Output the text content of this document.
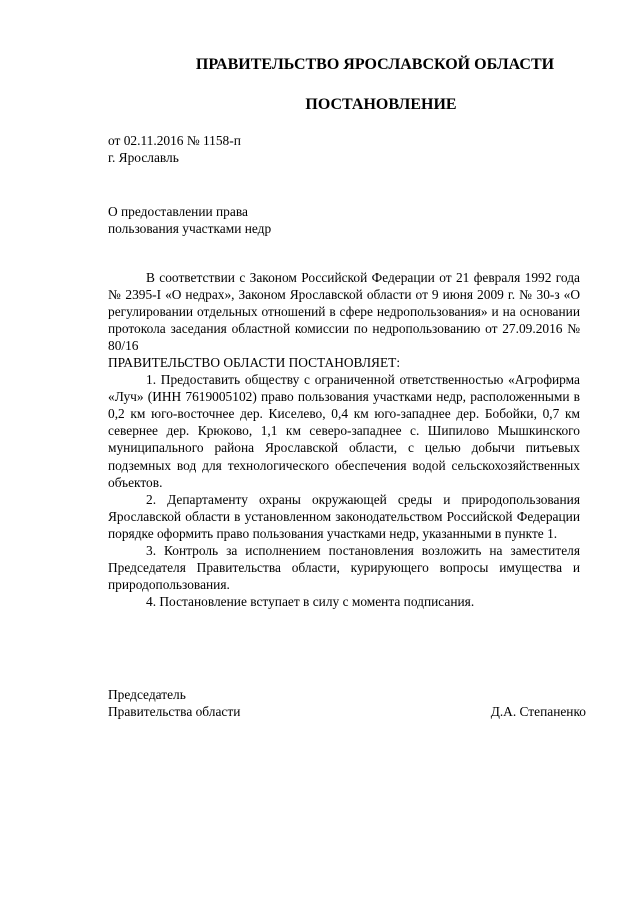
ПРАВИТЕЛЬСТВО ЯРОСЛАВСКОЙ ОБЛАСТИ
ПОСТАНОВЛЕНИЕ

от 02.11.2016 № 1158-п

г. Ярославль

О предоставлении права

пользования участками недр

В соответствии с Законом Российской Федерации от 21 февраля 1992 года № 2395-I «О недрах», Законом Ярославской области от 9 июня 2009 г. № 30-з «О регулировании отдельных отношений в сфере недропользования» и на основании протокола заседания областной комиссии по недропользованию от 27.09.2016 № 80/16

ПРАВИТЕЛЬСТВО ОБЛАСТИ ПОСТАНОВЛЯЕТ:

1. Предоставить обществу с ограниченной ответственностью «Агрофирма «Луч» (ИНН 7619005102) право пользования участками недр, расположенными в 0,2 км юго-восточнее дер. Киселево, 0,4 км юго-западнее дер. Бобойки, 0,7 км севернее дер. Крюково, 1,1 км северо-западнее с. Шипилово Мышкинского муниципального района Ярославской области, с целью добычи питьевых подземных вод для технологического обеспечения водой сельскохозяйственных объектов.

2. Департаменту охраны окружающей среды и природопользования Ярославской области в установленном законодательством Российской Федерации порядке оформить право пользования участками недр, указанными в пункте 1.

3. Контроль за исполнением постановления возложить на заместителя Председателя Правительства области, курирующего вопросы имущества и природопользования.

4. Постановление вступает в силу с момента подписания.

Председатель

Правительства области	Д.А. Степаненко
